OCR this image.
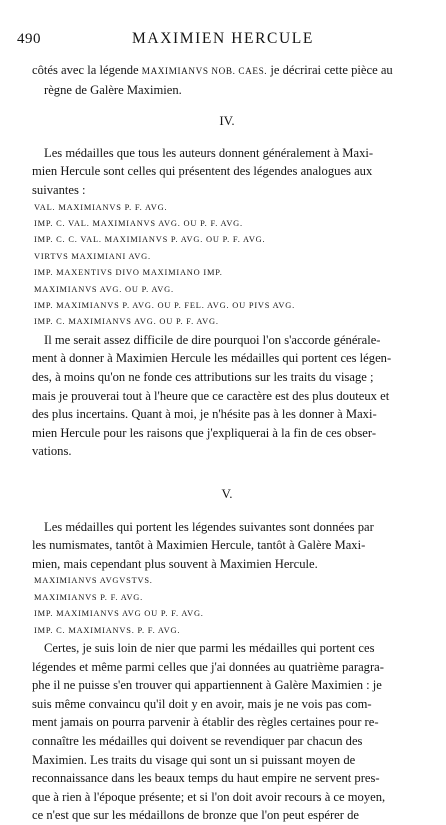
490	MAXIMIEN HERCULE

côtés avec la légende MAXIMIANVS NOB. CAES. je décrirai cette pièce au

règne de Galère Maximien.

IV.

Les médailles que tous les auteurs donnent généralement à Maxi-

mien Hercule sont celles qui présentent des légendes analogues aux

suivantes :

VAL. MAXIMIANVS P. F. AVG.

IMP. C. VAL. MAXIMIANVS AVG. OU P. F. AVG.

IMP. C. C. VAL. MAXIMIANVS P. AVG. OU P. F. AVG.

VIRTVS MAXIMIANI AVG.

IMP. MAXENTIVS DIVO MAXIMIANO IMP.

MAXIMIANVS AVG. OU P. AVG.

IMP. MAXIMIANVS P. AVG. OU P. FEL. AVG. OU PIVS AVG.

IMP. C. MAXIMIANVS AVG. OU P. F. AVG.

Il me serait assez difficile de dire pourquoi l'on s'accorde générale-

ment à donner à Maximien Hercule les médailles qui portent ces légen-

des, à moins qu'on ne fonde ces attributions sur les traits du visage ;

mais je prouverai tout à l'heure que ce caractère est des plus douteux et

des plus incertains. Quant à moi, je n'hésite pas à les donner à Maxi-

mien Hercule pour les raisons que j'expliquerai à la fin de ces obser-

vations.

V.

Les médailles qui portent les légendes suivantes sont données par

les numismates, tantôt à Maximien Hercule, tantôt à Galère Maxi-

mien, mais cependant plus souvent à Maximien Hercule.

MAXIMIANVS AVGVSTVS.

MAXIMIANVS P. F. AVG.

IMP. MAXIMIANVS AVG OU P. F. AVG.

IMP. C. MAXIMIANVS. P. F. AVG.

Certes, je suis loin de nier que parmi les médailles qui portent ces

légendes et même parmi celles que j'ai données au quatrième paragra-

phe il ne puisse s'en trouver qui appartiennent à Galère Maximien : je

suis même convaincu qu'il doit y en avoir, mais je ne vois pas com-

ment jamais on pourra parvenir à établir des règles certaines pour re-

connaître les médailles qui doivent se revendiquer par chacun des

Maximien. Les traits du visage qui sont un si puissant moyen de

reconnaissance dans les beaux temps du haut empire ne servent pres-

que à rien à l'époque présente; et si l'on doit avoir recours à ce moyen,

ce n'est que sur les médaillons de bronze que l'on peut espérer de
